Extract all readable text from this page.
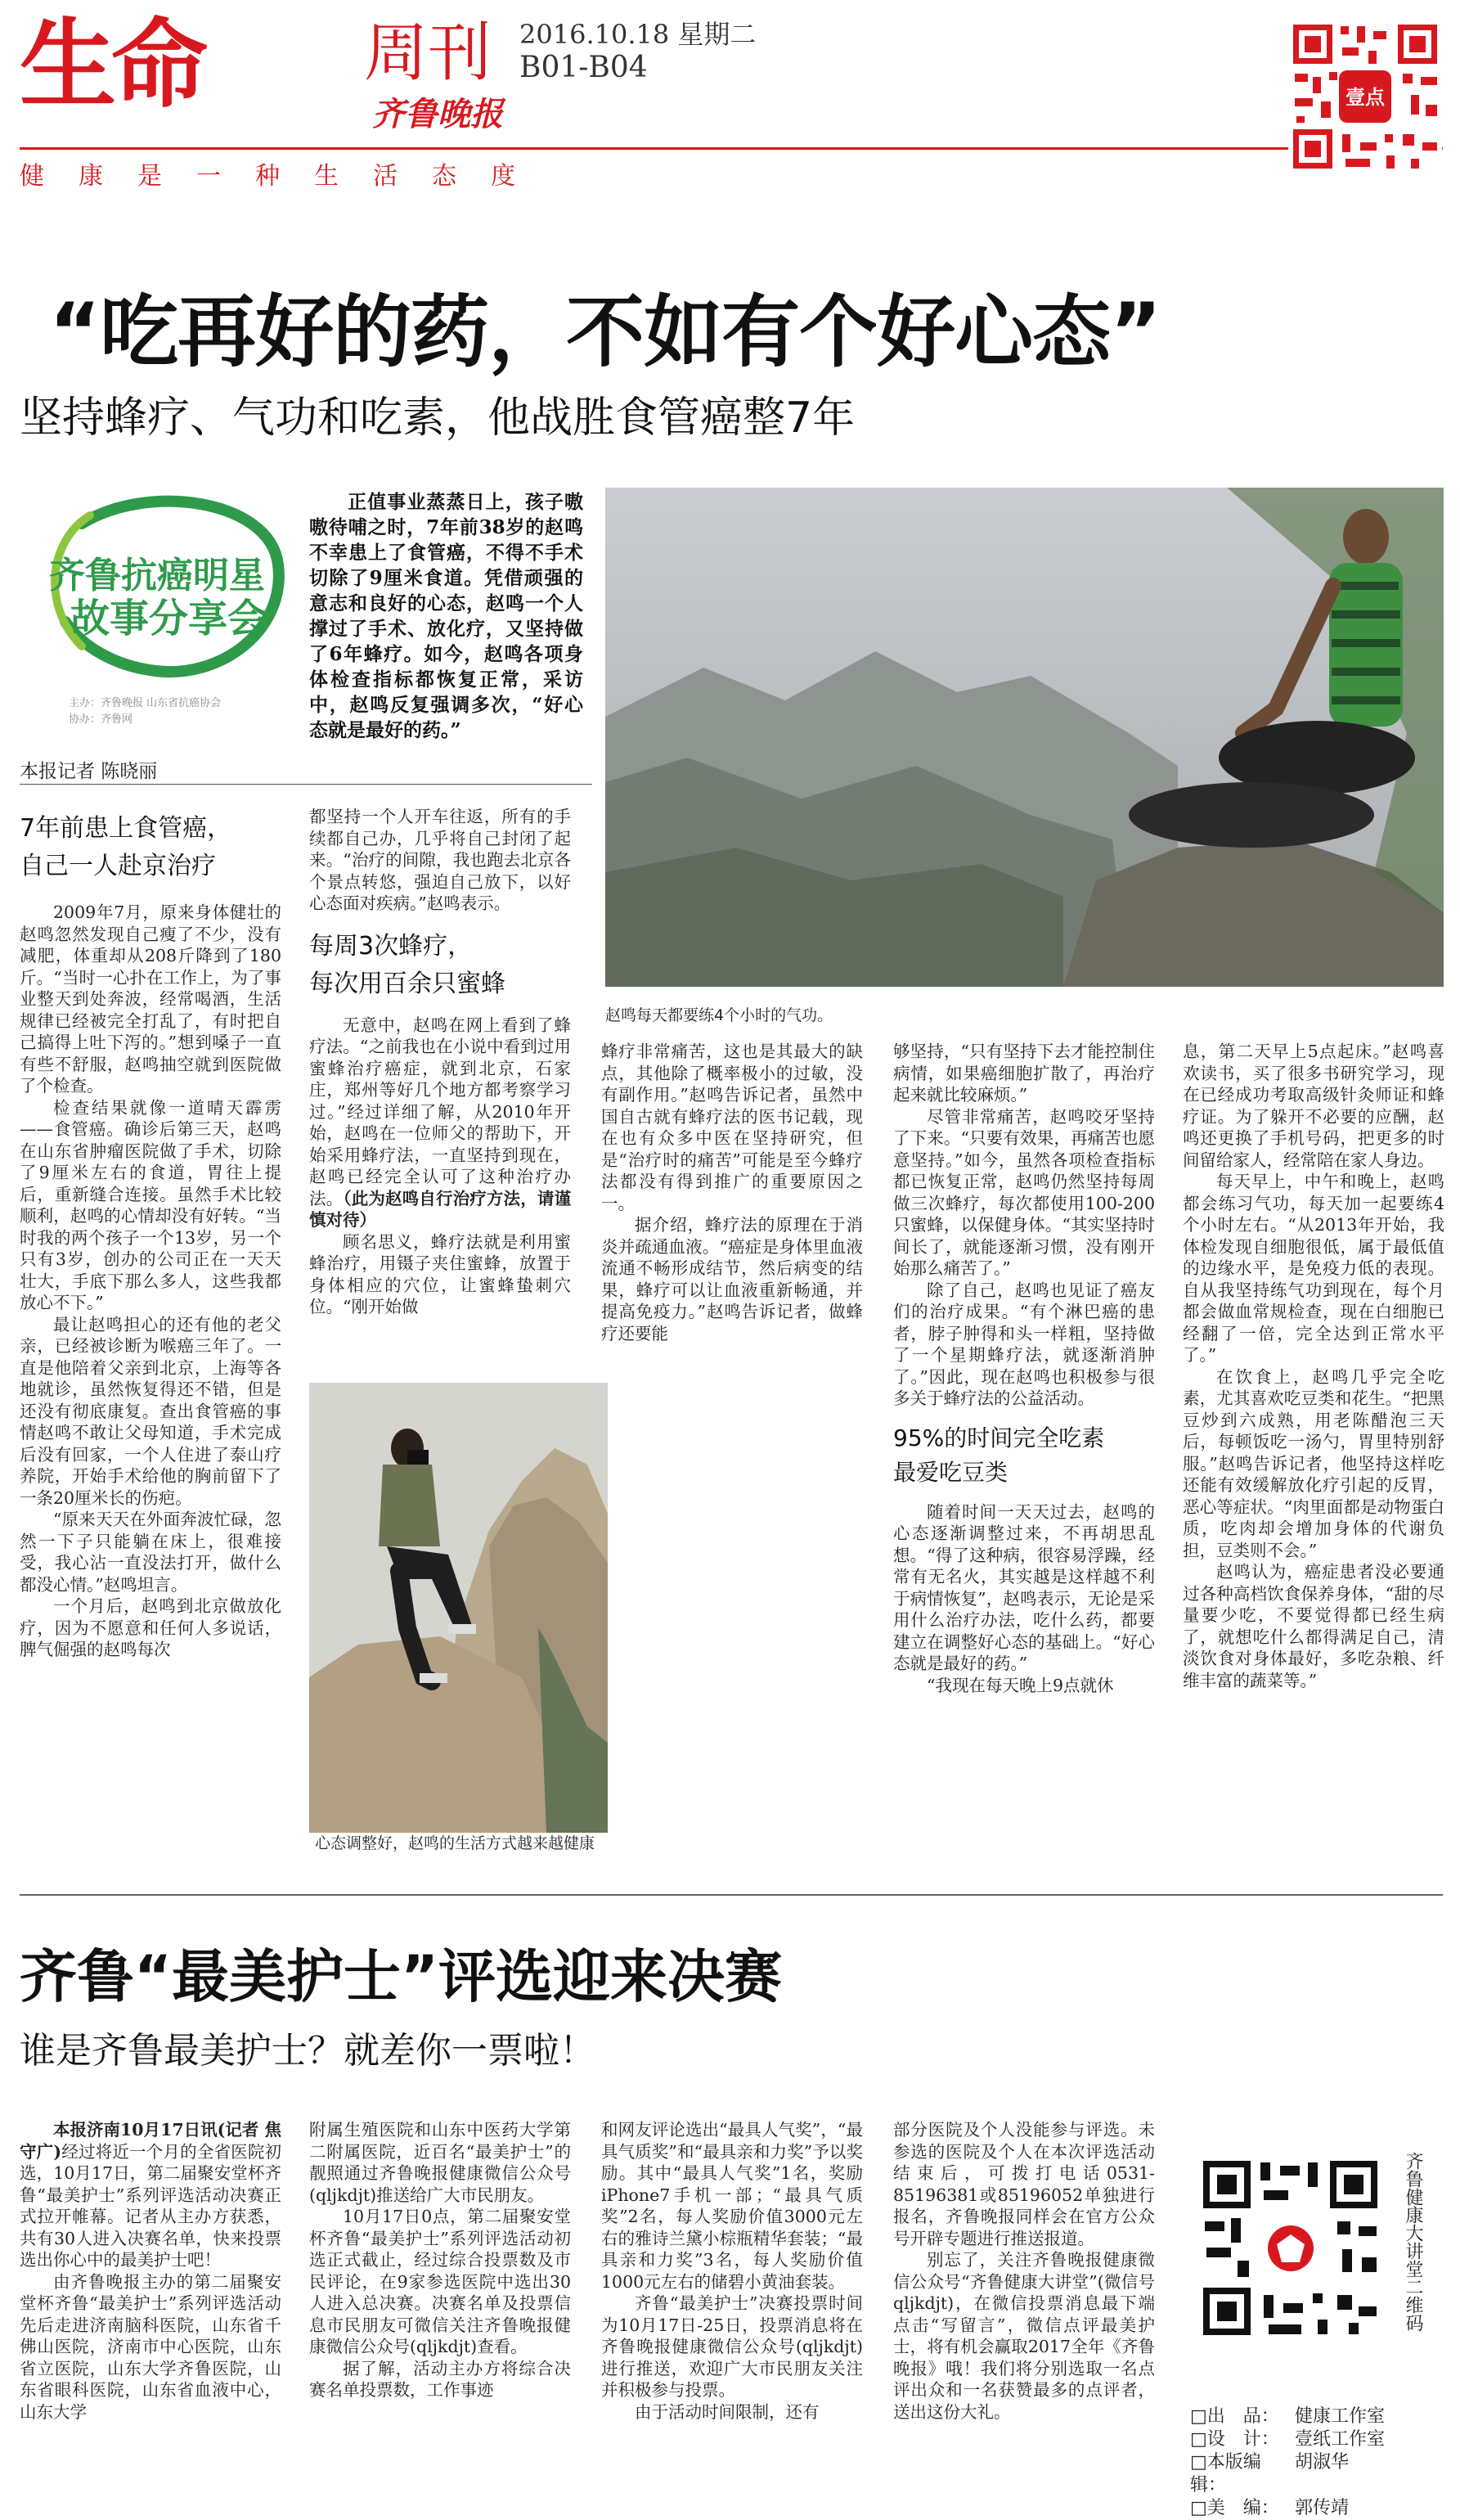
生命	周刊
齐鲁晚报
2016.10.18 星期二
B01-B04
健康是一种生活态度
壹点
“吃再好的药，不如有个好心态”
坚持蜂疗、气功和吃素，他战胜食管癌整7年
齐鲁抗癌明星
故事分享会
主办：齐鲁晚报 山东省抗癌协会
协办：齐鲁网
正值事业蒸蒸日上，孩子嗷嗷待哺之时，7年前38岁的赵鸣不幸患上了食管癌，不得不手术切除了9厘米食道。凭借顽强的意志和良好的心态，赵鸣一个人撑过了手术、放化疗，又坚持做了6年蜂疗。如今，赵鸣各项身体检查指标都恢复正常，采访中，赵鸣反复强调多次，“好心态就是最好的药。”
本报记者 陈晓丽
赵鸣每天都要练4个小时的气功。
7年前患上食管癌，
自己一人赴京治疗

2009年7月，原来身体健壮的赵鸣忽然发现自己瘦了不少，没有减肥，体重却从208斤降到了180斤。“当时一心扑在工作上，为了事业整天到处奔波，经常喝酒，生活规律已经被完全打乱了，有时把自己搞得上吐下泻的。”想到嗓子一直有些不舒服，赵鸣抽空就到医院做了个检查。

检查结果就像一道晴天霹雳——食管癌。确诊后第三天，赵鸣在山东省肿瘤医院做了手术，切除了9厘米左右的食道，胃往上提后，重新缝合连接。虽然手术比较顺利，赵鸣的心情却没有好转。“当时我的两个孩子一个13岁，另一个只有3岁，创办的公司正在一天天壮大，手底下那么多人，这些我都放心不下。”

最让赵鸣担心的还有他的老父亲，已经被诊断为喉癌三年了。一直是他陪着父亲到北京，上海等各地就诊，虽然恢复得还不错，但是还没有彻底康复。查出食管癌的事情赵鸣不敢让父母知道，手术完成后没有回家，一个人住进了泰山疗养院，开始手术给他的胸前留下了一条20厘米长的伤疤。

“原来天天在外面奔波忙碌，忽然一下子只能躺在床上，很难接受，我心沾一直没法打开，做什么都没心情。”赵鸣坦言。

一个月后，赵鸣到北京做放化疗，因为不愿意和任何人多说话，脾气倔强的赵鸣每次

都坚持一个人开车往返，所有的手续都自己办，几乎将自己封闭了起来。“治疗的间隙，我也跑去北京各个景点转悠，强迫自己放下，以好心态面对疾病。”赵鸣表示。

每周3次蜂疗，
每次用百余只蜜蜂

无意中，赵鸣在网上看到了蜂疗法。“之前我也在小说中看到过用蜜蜂治疗癌症，就到北京，石家庄，郑州等好几个地方都考察学习过。”经过详细了解，从2010年开始，赵鸣在一位师父的帮助下，开始采用蜂疗法，一直坚持到现在，赵鸣已经完全认可了这种治疗办法。（此为赵鸣自行治疗方法，请谨慎对待）

顾名思义，蜂疗法就是利用蜜蜂治疗，用镊子夹住蜜蜂，放置于身体相应的穴位，让蜜蜂蛰刺穴位。“刚开始做

蜂疗非常痛苦，这也是其最大的缺点，其他除了概率极小的过敏，没有副作用。”赵鸣告诉记者，虽然中国自古就有蜂疗法的医书记载，现在也有众多中医在坚持研究，但是“治疗时的痛苦”可能是至今蜂疗法都没有得到推广的重要原因之一。

据介绍，蜂疗法的原理在于消炎并疏通血液。“癌症是身体里血液流通不畅形成结节，然后病变的结果，蜂疗可以让血液重新畅通，并提高免疫力。”赵鸣告诉记者，做蜂疗还要能

够坚持，“只有坚持下去才能控制住病情，如果癌细胞扩散了，再治疗起来就比较麻烦。”

尽管非常痛苦，赵鸣咬牙坚持了下来。“只要有效果，再痛苦也愿意坚持。”如今，虽然各项检查指标都已恢复正常，赵鸣仍然坚持每周做三次蜂疗，每次都使用100-200只蜜蜂，以保健身体。“其实坚持时间长了，就能逐渐习惯，没有刚开始那么痛苦了。”

除了自己，赵鸣也见证了癌友们的治疗成果。“有个淋巴癌的患者，脖子肿得和头一样粗，坚持做了一个星期蜂疗法，就逐渐消肿了。”因此，现在赵鸣也积极参与很多关于蜂疗法的公益活动。

95%的时间完全吃素
最爱吃豆类

随着时间一天天过去，赵鸣的心态逐渐调整过来，不再胡思乱想。“得了这种病，很容易浮躁，经常有无名火，其实越是这样越不利于病情恢复”，赵鸣表示，无论是采用什么治疗办法，吃什么药，都要建立在调整好心态的基础上。“好心态就是最好的药。”

“我现在每天晚上9点就休

息，第二天早上5点起床。”赵鸣喜欢读书，买了很多书研究学习，现在已经成功考取高级针灸师证和蜂疗证。为了躲开不必要的应酬，赵鸣还更换了手机号码，把更多的时间留给家人，经常陪在家人身边。

每天早上，中午和晚上，赵鸣都会练习气功，每天加一起要练4个小时左右。“从2013年开始，我体检发现自细胞很低，属于最低值的边缘水平，是免疫力低的表现。自从我坚持练气功到现在，每个月都会做血常规检查，现在白细胞已经翻了一倍，完全达到正常水平了。”

在饮食上，赵鸣几乎完全吃素，尤其喜欢吃豆类和花生。“把黑豆炒到六成熟，用老陈醋泡三天后，每顿饭吃一汤勺，胃里特别舒服。”赵鸣告诉记者，他坚持这样吃还能有效缓解放化疗引起的反胃，恶心等症状。“肉里面都是动物蛋白质，吃肉却会增加身体的代谢负担，豆类则不会。”

赵鸣认为，癌症患者没必要通过各种高档饮食保养身体，“甜的尽量要少吃，不要觉得都已经生病了，就想吃什么都得满足自己，清淡饮食对身体最好，多吃杂粮、纤维丰富的蔬菜等。”

心态调整好，赵鸣的生活方式越来越健康
齐鲁“最美护士”评选迎来决赛
谁是齐鲁最美护士？就差你一票啦！

本报济南10月17日讯(记者 焦守广)经过将近一个月的全省医院初选，10月17日，第二届聚安堂杯齐鲁“最美护士”系列评选活动决赛正式拉开帷幕。记者从主办方获悉，共有30人进入决赛名单，快来投票选出你心中的最美护士吧！

由齐鲁晚报主办的第二届聚安堂杯齐鲁“最美护士”系列评选活动先后走进济南脑科医院，山东省千佛山医院，济南市中心医院，山东省立医院，山东大学齐鲁医院，山东省眼科医院，山东省血液中心，山东大学

附属生殖医院和山东中医药大学第二附属医院，近百名“最美护士”的靓照通过齐鲁晚报健康微信公众号(qljkdjt)推送给广大市民朋友。

10月17日0点，第二届聚安堂杯齐鲁“最美护士”系列评选活动初选正式截止，经过综合投票数及市民评论，在9家参选医院中选出30人进入总决赛。决赛名单及投票信息市民朋友可微信关注齐鲁晚报健康微信公众号(qljkdjt)查看。

据了解，活动主办方将综合决赛名单投票数，工作事迹

和网友评论选出“最具人气奖”，“最具气质奖”和“最具亲和力奖”予以奖励。其中“最具人气奖”1名，奖励iPhone7手机一部；“最具气质奖”2名，每人奖励价值3000元左右的雅诗兰黛小棕瓶精华套装；“最具亲和力奖”3名，每人奖励价值1000元左右的储碧小黄油套装。

齐鲁“最美护士”决赛投票时间为10月17日-25日，投票消息将在齐鲁晚报健康微信公众号(qljkdjt)进行推送，欢迎广大市民朋友关注并积极参与投票。

由于活动时间限制，还有

部分医院及个人没能参与评选。未参选的医院及个人在本次评选活动结束后，可拨打电话0531-85196381或85196052单独进行报名，齐鲁晚报同样会在官方公众号开辟专题进行推送报道。

别忘了，关注齐鲁晚报健康微信公众号“齐鲁健康大讲堂”(微信号qljkdjt)，在微信投票消息最下端点击“写留言”，微信点评最美护士，将有机会赢取2017全年《齐鲁晚报》哦！我们将分别选取一名点评出众和一名获赞最多的点评者，送出这份大礼。

齐鲁健康大讲堂二维码
□出　品： 健康工作室
□设　计： 壹纸工作室
□本版编辑：
胡淑华
□美　编： 郭传靖
